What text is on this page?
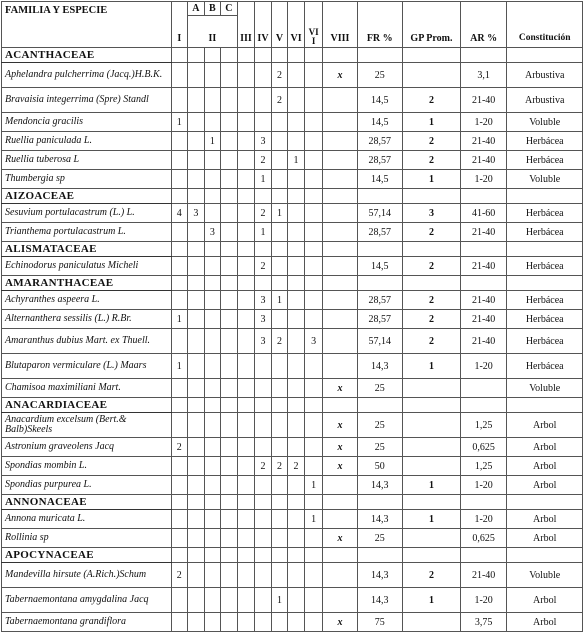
FAMILIA Y ESPECIE	I	A	B	C	III	IV	V	VI	VI I	VIII	FR %	GP Prom.	AR %	Constitución
		II												
ACANTHACEAE														
Aphelandra pulcherrima (Jacq.)H.B.K.							2			x	25		3,1	Arbustiva
Bravaisia integerrima (Spre) Standl							2				14,5	2	21-40	Arbustiva
Mendoncia gracilis	1										14,5	1	1-20	Voluble
Ruellia paniculada L.			1			3					28,57	2	21-40	Herbácea
Ruellia tuberosa L						2		1			28,57	2	21-40	Herbácea
Thumbergia sp						1					14,5	1	1-20	Voluble
AIZOACEAE														
Sesuvium portulacastrum (L.) L.	4	3				2	1				57,14	3	41-60	Herbácea
Trianthema portulacastrum L.			3			1					28,57	2	21-40	Herbácea
ALISMATACEAE														
Echinodorus paniculatus Micheli						2					14,5	2	21-40	Herbácea
AMARANTHACEAE														
Achyranthes aspeera L.						3	1				28,57	2	21-40	Herbácea
Alternanthera sessilis (L.) R.Br.	1					3					28,57	2	21-40	Herbácea
Amaranthus dubius Mart. ex Thuell.						3	2		3		57,14	2	21-40	Herbácea
Blutaparon vermiculare (L.) Maars	1										14,3	1	1-20	Herbácea
Chamisoa maximiliani Mart.										x	25			Voluble
ANACARDIACEAE														
Anacardium excelsum (Bert.& Balb)Skeels										x	25		1,25	Arbol
Astronium graveolens Jacq	2									x	25		0,625	Arbol
Spondias mombin L.						2	2	2		x	50		1,25	Arbol
Spondias purpurea L.									1		14,3	1	1-20	Arbol
ANNONACEAE														
Annona muricata L.									1		14,3	1	1-20	Arbol
Rollinia sp										x	25		0,625	Arbol
APOCYNACEAE														
Mandevilla hirsute (A.Rich.)Schum	2										14,3	2	21-40	Voluble
Tabernaemontana amygdalina Jacq							1				14,3	1	1-20	Arbol
Tabernaemontana grandiflora										x	75		3,75	Arbol
